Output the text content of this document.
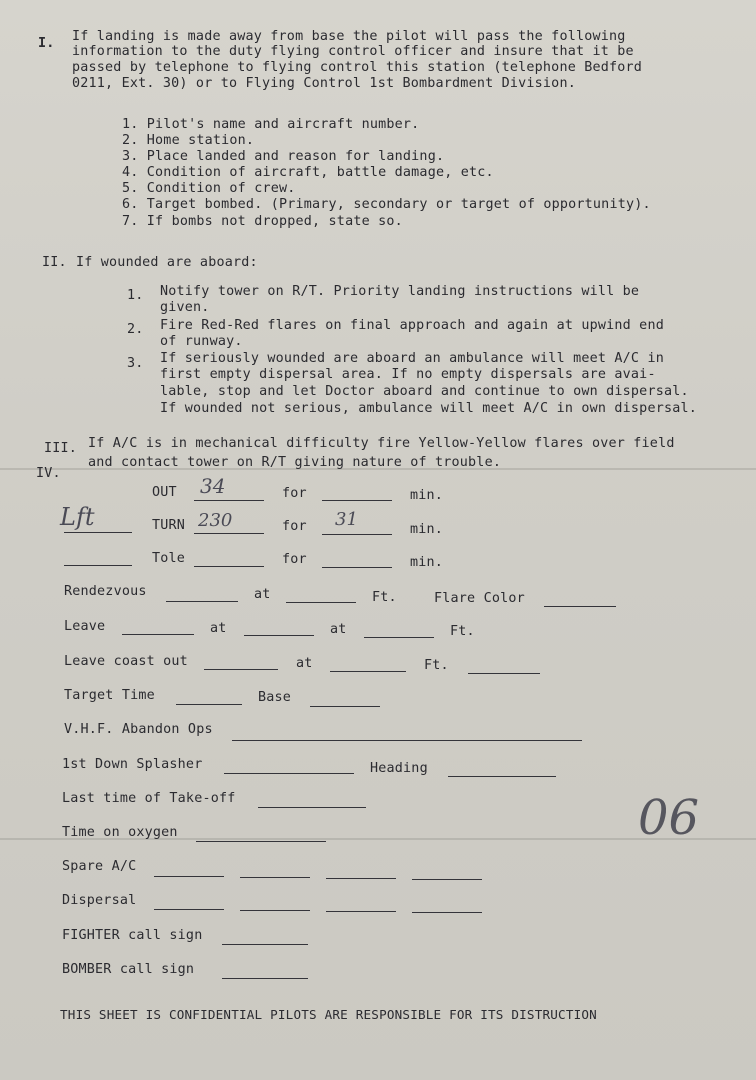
I. If landing is made away from base the pilot will pass the following
information to the duty flying control officer and insure that it be
passed by telephone to flying control this station (telephone Bedford
0211, Ext. 30) or to Flying Control 1st Bombardment Division.
1. Pilot's name and aircraft number.
2. Home station.
3. Place landed and reason for landing.
4. Condition of aircraft, battle damage, etc.
5. Condition of crew.
6. Target bombed. (Primary, secondary or target of opportunity).
7. If bombs not dropped, state so.
II. If wounded are aboard:
1. Notify tower on R/T. Priority landing instructions will be
given.
2. Fire Red-Red flares on final approach and again at upwind end
of runway.
3. If seriously wounded are aboard an ambulance will meet A/C in
first empty dispersal area. If no empty dispersals are avai-
lable, stop and let Doctor aboard and continue to own dispersal.
If wounded not serious, ambulance will meet A/C in own dispersal.
III. If A/C is in mechanical difficulty fire Yellow-Yellow flares over field
and contact tower on R/T giving nature of trouble.
IV.
OUT 34	for	min.
Lft	TURN 230	for 31	min.
Tole	for	min.
Rendezvous	at	Ft.	Flare Color
Leave	at	at	Ft.
Leave coast out	at	Ft.
Target Time	Base
V.H.F. Abandon Ops
1st Down Splasher	Heading
Last time of Take-off	06
Time on oxygen
Spare A/C
Dispersal
FIGHTER call sign
BOMBER call sign
THIS SHEET IS CONFIDENTIAL PILOTS ARE RESPONSIBLE FOR ITS DISTRUCTION
